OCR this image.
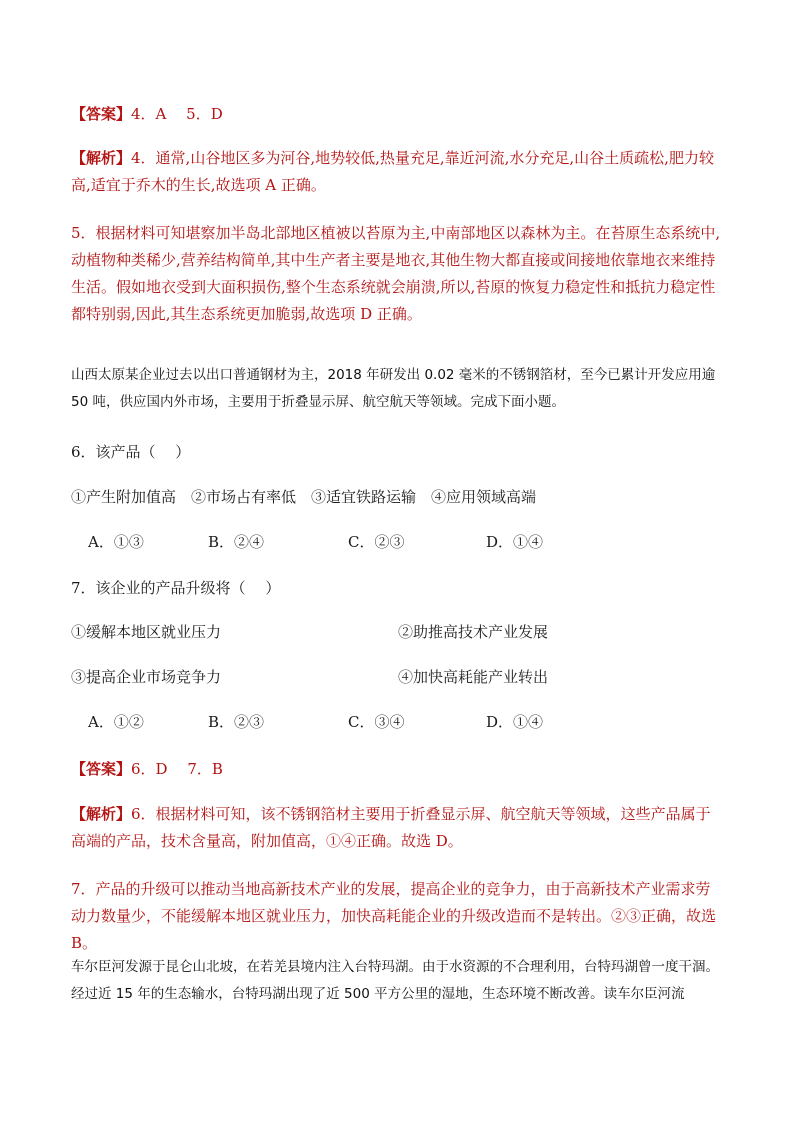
【答案】4．A　 5．D
【解析】4．通常,山谷地区多为河谷,地势较低,热量充足,靠近河流,水分充足,山谷土质疏松,肥力较高,适宜于乔木的生长,故选项 A 正确。
5．根据材料可知堪察加半岛北部地区植被以苔原为主,中南部地区以森林为主。在苔原生态系统中,动植物种类稀少,营养结构简单,其中生产者主要是地衣,其他生物大都直接或间接地依靠地衣来维持生活。假如地衣受到大面积损伤,整个生态系统就会崩溃,所以,苔原的恢复力稳定性和抵抗力稳定性都特别弱,因此,其生态系统更加脆弱,故选项 D 正确。
山西太原某企业过去以出口普通钢材为主，2018 年研发出 0.02 毫米的不锈钢箔材，至今已累计开发应用逾 50 吨，供应国内外市场，主要用于折叠显示屏、航空航天等领域。完成下面小题。
6．该产品（　 ）
①产生附加值高　②市场占有率低　③适宜铁路运输　④应用领域高端
A．①③	B．②④	C．②③	D．①④
7．该企业的产品升级将（　 ）
①缓解本地区就业压力	②助推高技术产业发展
③提高企业市场竞争力	④加快高耗能产业转出
A．①②	B．②③	C．③④	D．①④
【答案】6．D　 7．B
【解析】6．根据材料可知，该不锈钢箔材主要用于折叠显示屏、航空航天等领域，这些产品属于高端的产品，技术含量高，附加值高，①④正确。故选 D。
7．产品的升级可以推动当地高新技术产业的发展，提高企业的竞争力，由于高新技术产业需求劳动力数量少，不能缓解本地区就业压力，加快高耗能企业的升级改造而不是转出。②③正确，故选 B。
车尔臣河发源于昆仑山北坡，在若羌县境内注入台特玛湖。由于水资源的不合理利用，台特玛湖曾一度干涸。经过近 15 年的生态输水，台特玛湖出现了近 500 平方公里的湿地，生态环境不断改善。读车尔臣河流
